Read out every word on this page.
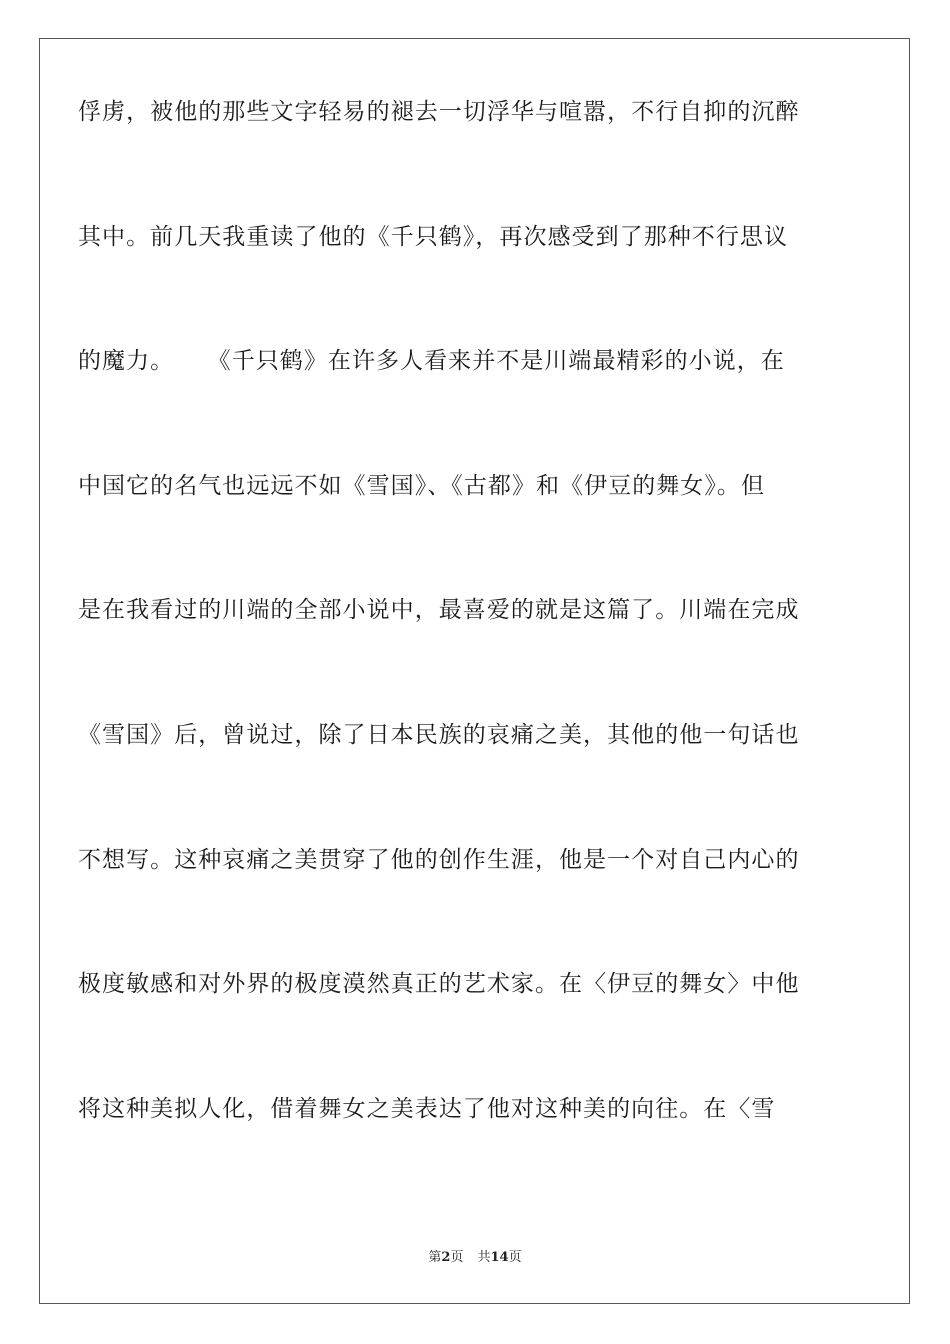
俘虏，被他的那些文字轻易的褪去一切浮华与喧嚣，不行自抑的沉醉
其中。前几天我重读了他的《千只鹤》，再次感受到了那种不行思议
的魔力。    《千只鹤》在许多人看来并不是川端最精彩的小说，在
中国它的名气也远远不如《雪国》、《古都》和《伊豆的舞女》。但
是在我看过的川端的全部小说中，最喜爱的就是这篇了。川端在完成
《雪国》后，曾说过，除了日本民族的哀痛之美，其他的他一句话也
不想写。这种哀痛之美贯穿了他的创作生涯，他是一个对自己内心的
极度敏感和对外界的极度漠然真正的艺术家。在〈伊豆的舞女〉中他
将这种美拟人化，借着舞女之美表达了他对这种美的向往。在〈雪
第2页 共14页
